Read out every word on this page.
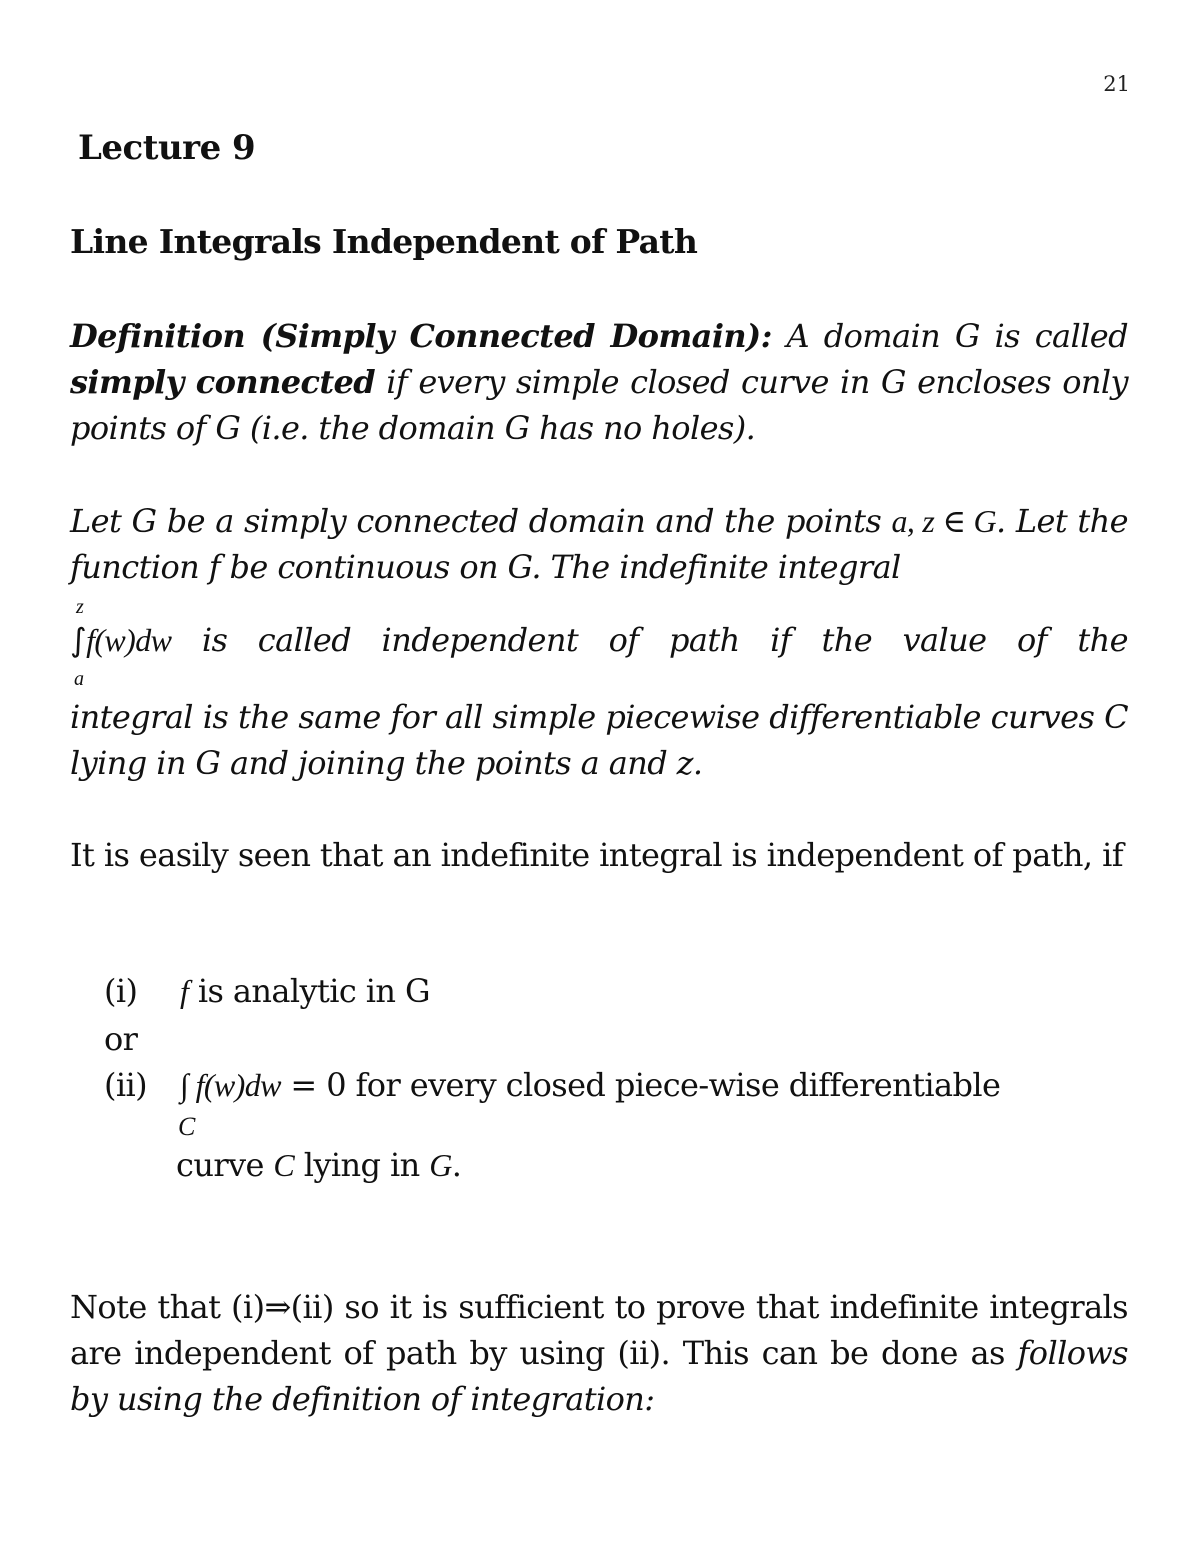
21
Lecture 9
Line Integrals Independent of Path
Definition (Simply Connected Domain): A domain G is called simply connected if every simple closed curve in G encloses only points of G (i.e. the domain G has no holes).
Let G be a simply connected domain and the points a, z ∈ G. Let the function f be continuous on G. The indefinite integral
z
∫f(w)dw is called independent of path if the value of the
a
integral is the same for all simple piecewise differentiable curves C lying in G and joining the points a and z.
It is easily seen that an indefinite integral is independent of path, if
(i) f is analytic in G
or
(ii) ∫ f(w)dw = 0 for every closed piece-wise differentiable
C
curve C lying in G.
Note that (i)⇒(ii) so it is sufficient to prove that indefinite integrals are independent of path by using (ii). This can be done as follows by using the definition of integration:
